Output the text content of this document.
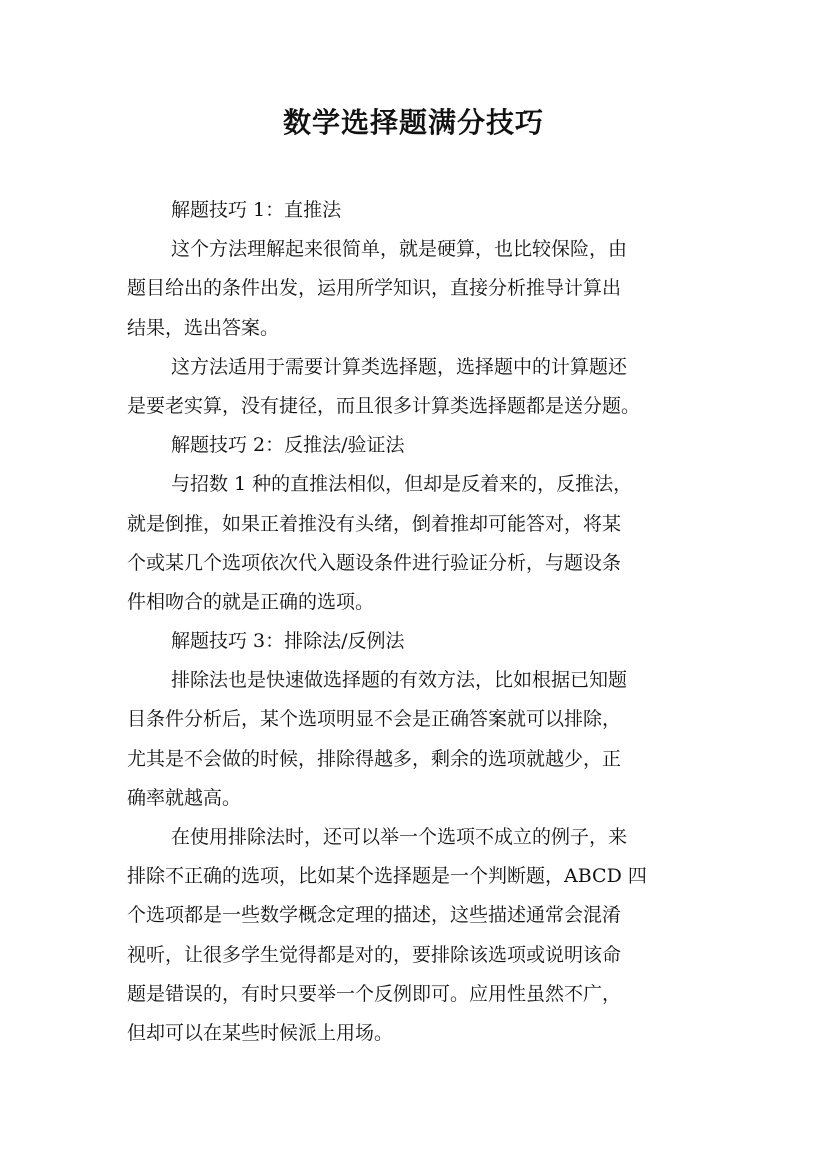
数学选择题满分技巧
解题技巧 1：直推法
这个方法理解起来很简单，就是硬算，也比较保险，由
题目给出的条件出发，运用所学知识，直接分析推导计算出
结果，选出答案。
这方法适用于需要计算类选择题，选择题中的计算题还
是要老实算，没有捷径，而且很多计算类选择题都是送分题。
解题技巧 2：反推法/验证法
与招数 1 种的直推法相似，但却是反着来的，反推法，
就是倒推，如果正着推没有头绪，倒着推却可能答对，将某
个或某几个选项依次代入题设条件进行验证分析，与题设条
件相吻合的就是正确的选项。
解题技巧 3：排除法/反例法
排除法也是快速做选择题的有效方法，比如根据已知题
目条件分析后，某个选项明显不会是正确答案就可以排除，
尤其是不会做的时候，排除得越多，剩余的选项就越少，正
确率就越高。
在使用排除法时，还可以举一个选项不成立的例子，来
排除不正确的选项，比如某个选择题是一个判断题，ABCD 四
个选项都是一些数学概念定理的描述，这些描述通常会混淆
视听，让很多学生觉得都是对的，要排除该选项或说明该命
题是错误的，有时只要举一个反例即可。应用性虽然不广，
但却可以在某些时候派上用场。
